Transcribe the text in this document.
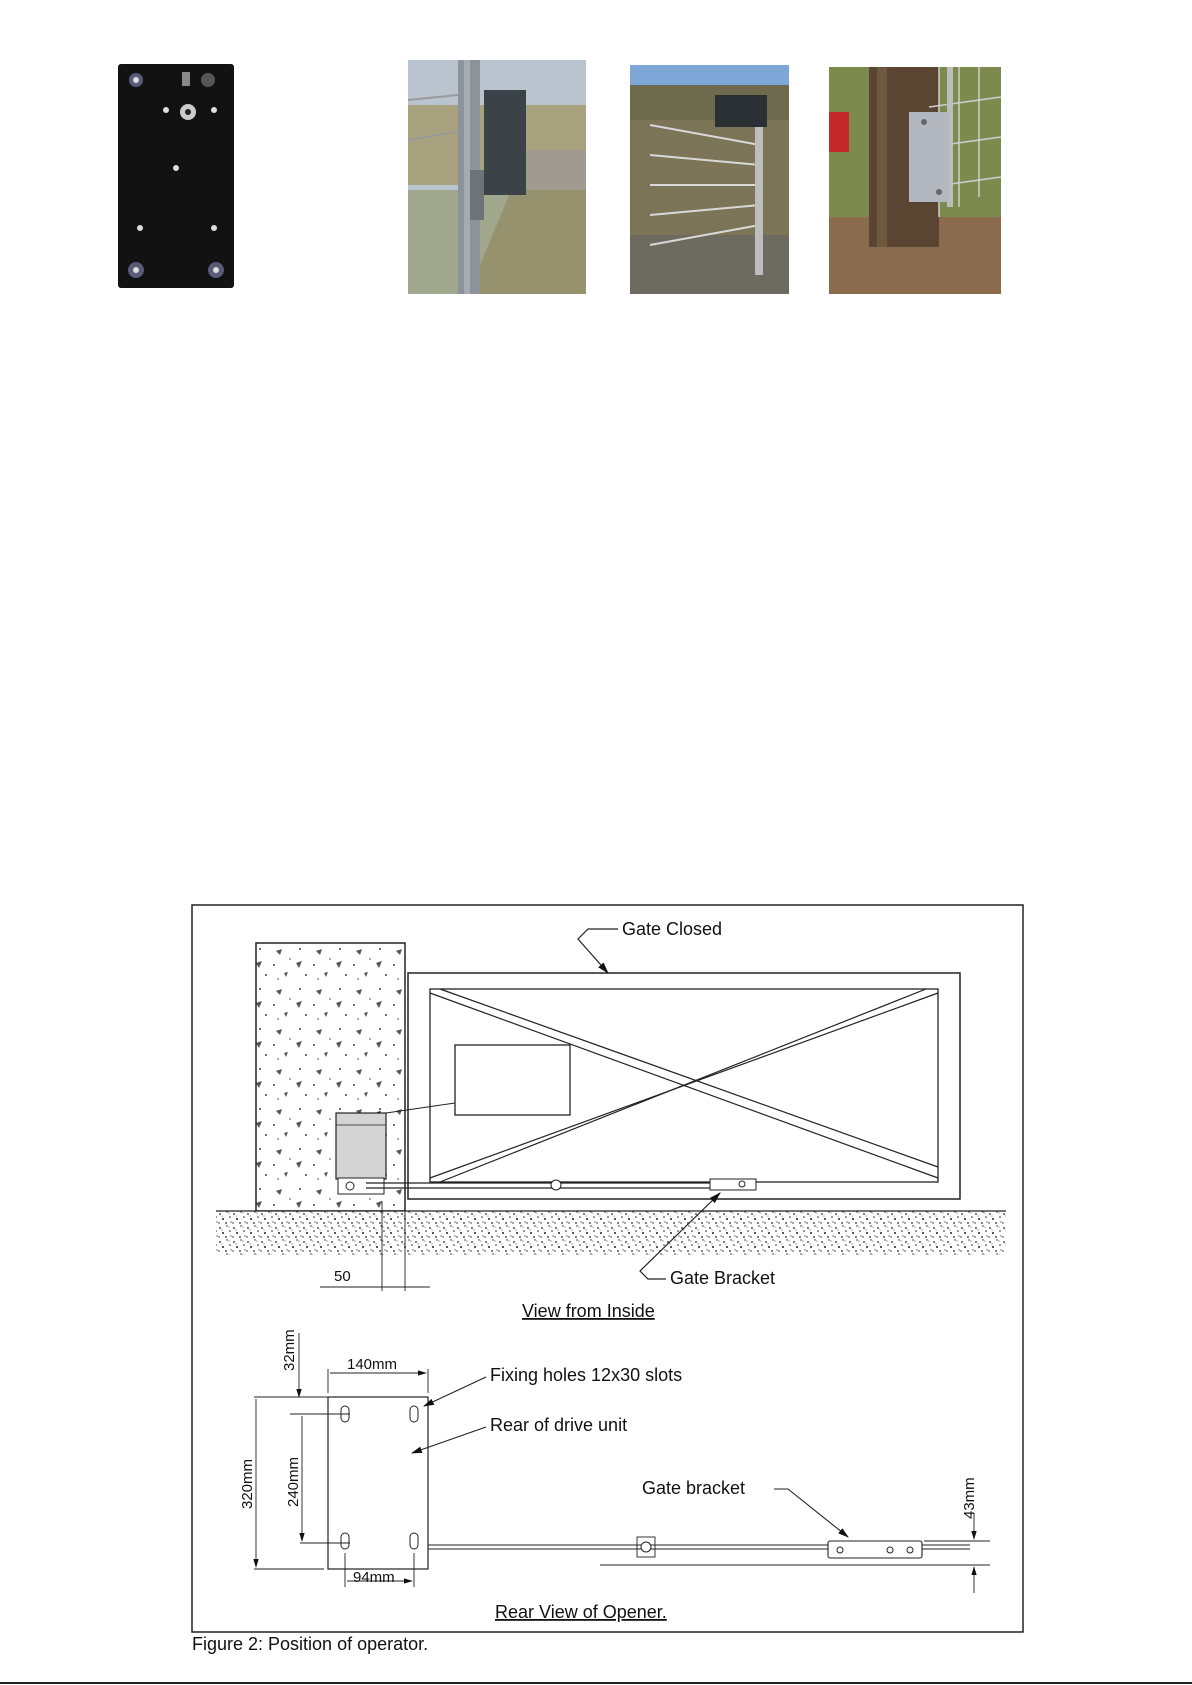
Gate Closed
Gate Bracket
50
View from Inside
32mm	140mm
320mm 240mm
94mm
Fixing holes 12x30 slots
Rear of drive unit
Gate bracket	43mm
Rear View of Opener.
Figure 2: Position of operator.
